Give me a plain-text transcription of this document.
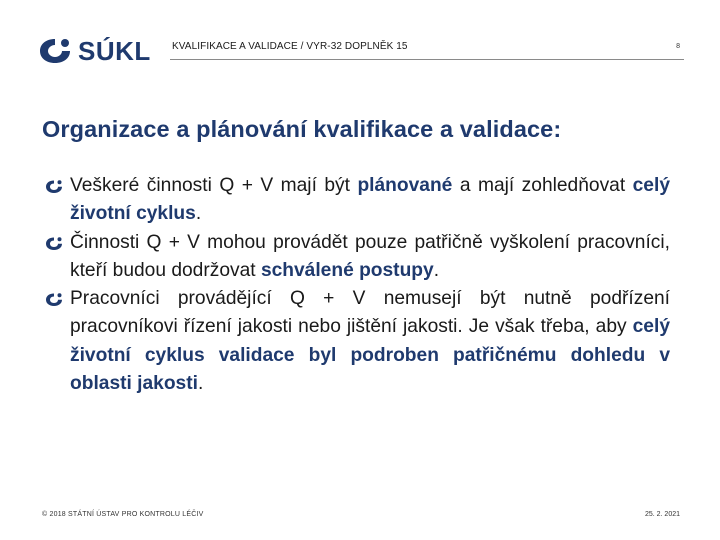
SÚKL KVALIFIKACE A VALIDACE / VYR-32 DOPLNĚK 15	8
Organizace a plánování kvalifikace a validace:
Veškeré činnosti Q + V mají být plánované a mají zohledňovat celý životní cyklus.
Činnosti Q + V mohou provádět pouze patřičně vyškolení pracovníci, kteří budou dodržovat schválené postupy.
Pracovníci provádějící Q + V nemusejí být nutně podřízení pracovníkovi řízení jakosti nebo jištění jakosti. Je však třeba, aby celý životní cyklus validace byl podroben patřičnému dohledu v oblasti jakosti.
© 2018 STÁTNÍ ÚSTAV PRO KONTROLU LÉČIV	25. 2. 2021
